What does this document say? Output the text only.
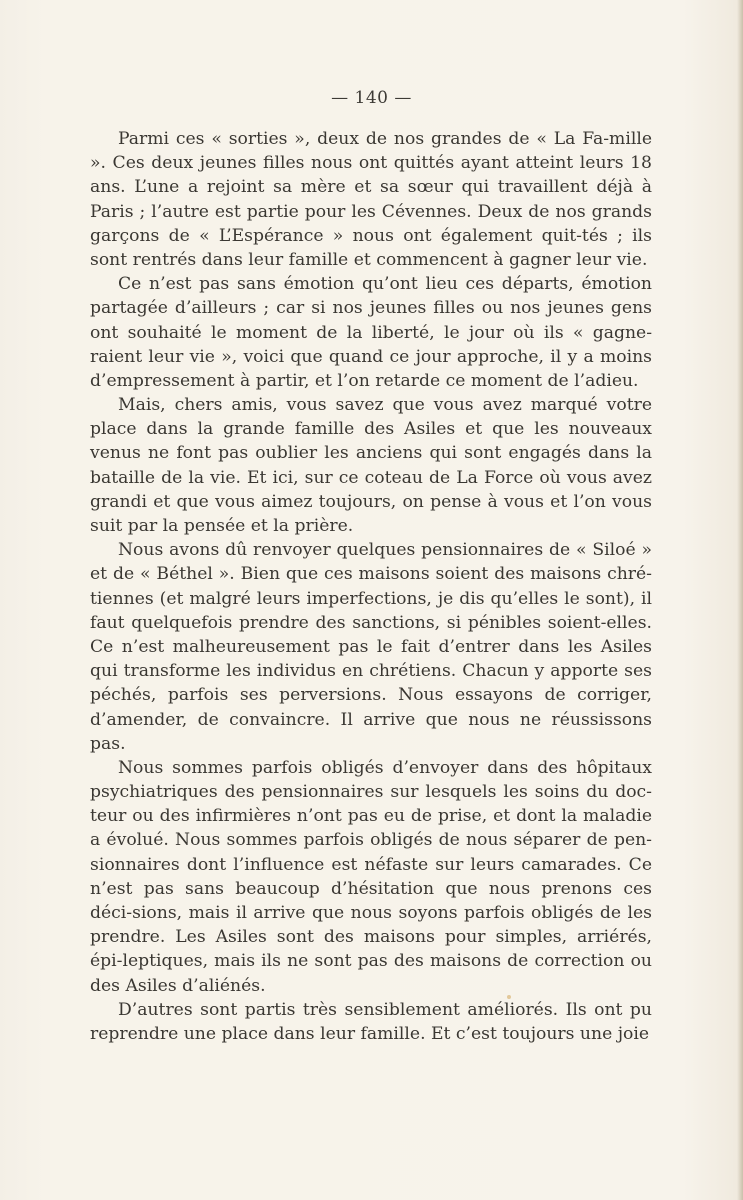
— 140 —

Parmi ces « sorties », deux de nos grandes de « La Fa-mille ». Ces deux jeunes filles nous ont quittés ayant atteint leurs 18 ans. L’une a rejoint sa mère et sa sœur qui travaillent déjà à Paris ; l’autre est partie pour les Cévennes. Deux de nos grands garçons de « L’Espérance » nous ont également quit-tés ; ils sont rentrés dans leur famille et commencent à gagner leur vie.

Ce n’est pas sans émotion qu’ont lieu ces départs, émotion partagée d’ailleurs ; car si nos jeunes filles ou nos jeunes gens ont souhaité le moment de la liberté, le jour où ils « gagne-raient leur vie », voici que quand ce jour approche, il y a moins d’empressement à partir, et l’on retarde ce moment de l’adieu.

Mais, chers amis, vous savez que vous avez marqué votre place dans la grande famille des Asiles et que les nouveaux venus ne font pas oublier les anciens qui sont engagés dans la bataille de la vie. Et ici, sur ce coteau de La Force où vous avez grandi et que vous aimez toujours, on pense à vous et l’on vous suit par la pensée et la prière.

Nous avons dû renvoyer quelques pensionnaires de « Siloé » et de « Béthel ». Bien que ces maisons soient des maisons chré-tiennes (et malgré leurs imperfections, je dis qu’elles le sont), il faut quelquefois prendre des sanctions, si pénibles soient-elles. Ce n’est malheureusement pas le fait d’entrer dans les Asiles qui transforme les individus en chrétiens. Chacun y apporte ses péchés, parfois ses perversions. Nous essayons de corriger, d’amender, de convaincre. Il arrive que nous ne réussissons pas.

Nous sommes parfois obligés d’envoyer dans des hôpitaux psychiatriques des pensionnaires sur lesquels les soins du doc-teur ou des infirmières n’ont pas eu de prise, et dont la maladie a évolué. Nous sommes parfois obligés de nous séparer de pen-sionnaires dont l’influence est néfaste sur leurs camarades. Ce n’est pas sans beaucoup d’hésitation que nous prenons ces déci-sions, mais il arrive que nous soyons parfois obligés de les prendre. Les Asiles sont des maisons pour simples, arriérés, épi-leptiques, mais ils ne sont pas des maisons de correction ou des Asiles d’aliénés.

D’autres sont partis très sensiblement améliorés. Ils ont pu reprendre une place dans leur famille. Et c’est toujours une joie
